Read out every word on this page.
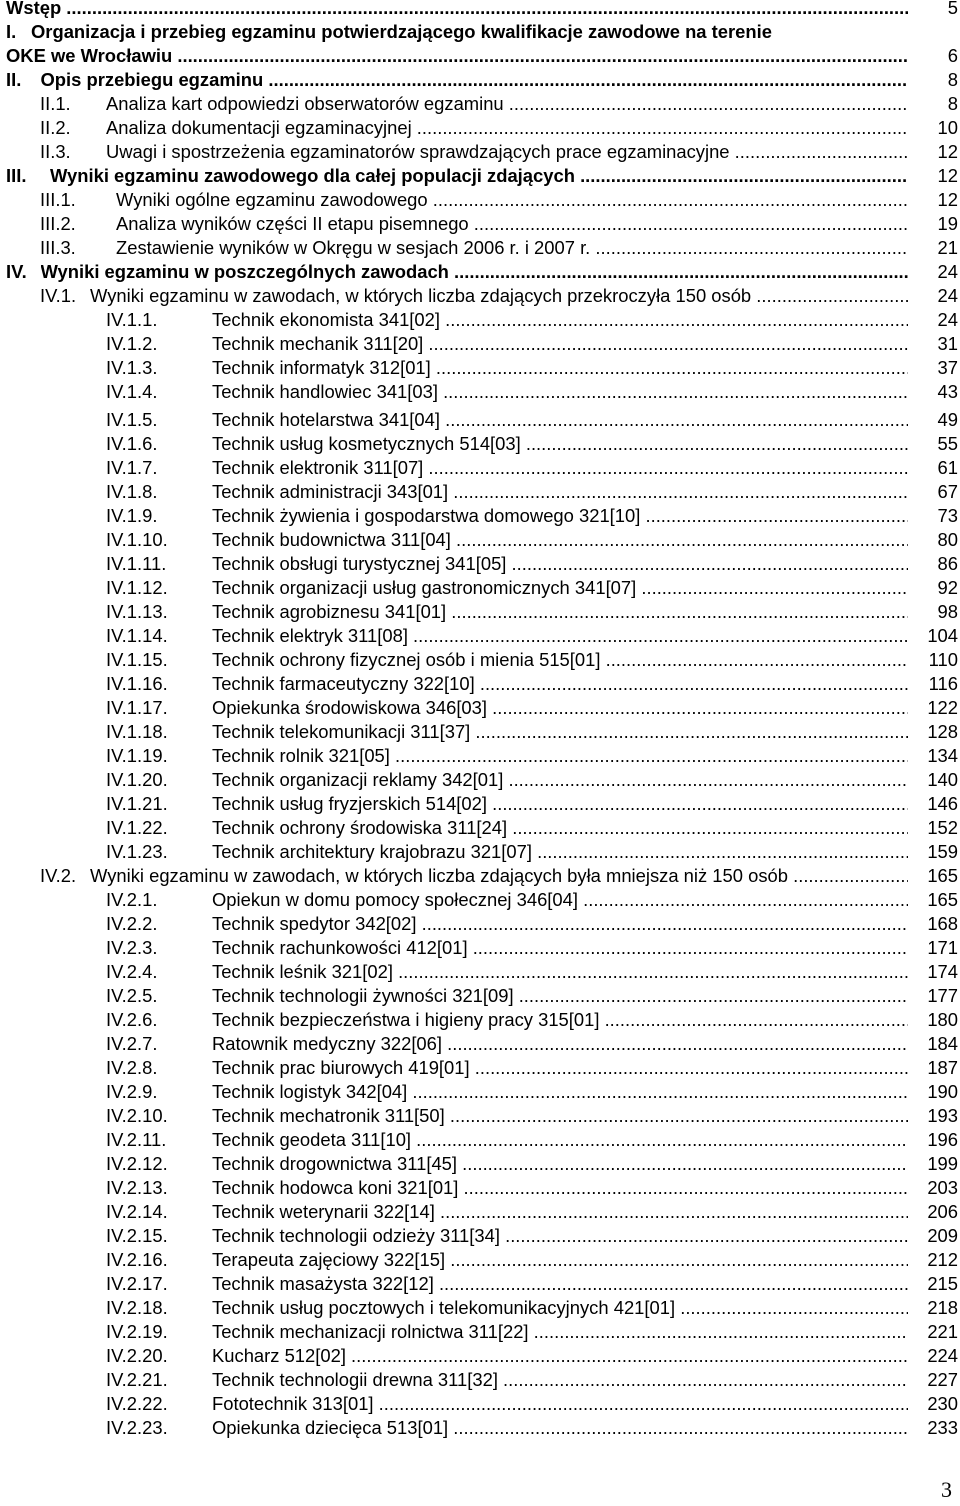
Wstęp .....	5
I. Organizacja i przebieg egzaminu potwierdzającego kwalifikacje zawodowe na terenie
OKE we Wrocławiu .....	6
II. Opis przebiegu egzaminu .....	8
II.1. Analiza kart odpowiedzi obserwatorów egzaminu .....	8
II.2. Analiza dokumentacji egzaminacyjnej .....	10
II.3. Uwagi i spostrzeżenia egzaminatorów sprawdzających prace egzaminacyjne .....	12
III. Wyniki egzaminu zawodowego dla całej populacji zdających .....	12
III.1. Wyniki ogólne egzaminu zawodowego .....	12
III.2. Analiza wyników części II etapu pisemnego .....	19
III.3. Zestawienie wyników w Okręgu w sesjach 2006 r. i 2007 r. .....	21
IV. Wyniki egzaminu w poszczególnych zawodach .....	24
IV.1. Wyniki egzaminu w zawodach, w których liczba zdających przekroczyła 150 osób .....	24
IV.1.1.	Technik ekonomista 341[02] .....	24
IV.1.2.	Technik mechanik 311[20] .....	31
IV.1.3.	Technik informatyk 312[01] .....	37
IV.1.4.	Technik handlowiec 341[03] .....	43
IV.1.5.	Technik hotelarstwa 341[04] .....	49
IV.1.6.	Technik usług kosmetycznych 514[03] .....	55
IV.1.7.	Technik elektronik 311[07] .....	61
IV.1.8.	Technik administracji 343[01] .....	67
IV.1.9.	Technik żywienia i gospodarstwa domowego 321[10] .....	73
IV.1.10. Technik budownictwa 311[04] .....	80
IV.1.11. Technik obsługi turystycznej 341[05] .....	86
IV.1.12. Technik organizacji usług gastronomicznych 341[07] .....	92
IV.1.13. Technik agrobiznesu 341[01] .....	98
IV.1.14. Technik elektryk 311[08] .....	104
IV.1.15. Technik ochrony fizycznej osób i mienia 515[01] .....	110
IV.1.16. Technik farmaceutyczny 322[10] .....	116
IV.1.17. Opiekunka środowiskowa 346[03] .....	122
IV.1.18. Technik telekomunikacji 311[37] .....	128
IV.1.19. Technik rolnik 321[05] .....	134
IV.1.20. Technik organizacji reklamy 342[01] .....	140
IV.1.21. Technik usług fryzjerskich 514[02] .....	146
IV.1.22. Technik ochrony środowiska 311[24] .....	152
IV.1.23. Technik architektury krajobrazu 321[07] .....	159
IV.2. Wyniki egzaminu w zawodach, w których liczba zdających była mniejsza niż 150 osób .....	165
IV.2.1.	Opiekun w domu pomocy społecznej 346[04] .....	165
IV.2.2.	Technik spedytor 342[02] .....	168
IV.2.3.	Technik rachunkowości 412[01] .....	171
IV.2.4.	Technik leśnik 321[02] .....	174
IV.2.5.	Technik technologii żywności 321[09] .....	177
IV.2.6.	Technik bezpieczeństwa i higieny pracy 315[01] .....	180
IV.2.7.	Ratownik medyczny 322[06] .....	184
IV.2.8.	Technik prac biurowych 419[01] .....	187
IV.2.9.	Technik logistyk 342[04] .....	190
IV.2.10. Technik mechatronik 311[50] .....	193
IV.2.11. Technik geodeta 311[10] .....	196
IV.2.12. Technik drogownictwa 311[45] .....	199
IV.2.13. Technik hodowca koni 321[01] .....	203
IV.2.14. Technik weterynarii 322[14] .....	206
IV.2.15. Technik technologii odzieży 311[34] .....	209
IV.2.16. Terapeuta zajęciowy 322[15] .....	212
IV.2.17. Technik masażysta 322[12] .....	215
IV.2.18. Technik usług pocztowych i telekomunikacyjnych 421[01] .....	218
IV.2.19. Technik mechanizacji rolnictwa 311[22] .....	221
IV.2.20. Kucharz 512[02] .....	224
IV.2.21. Technik technologii drewna 311[32] .....	227
IV.2.22. Fototechnik 313[01] .....	230
IV.2.23. Opiekunka dziecięca 513[01] .....	233
3
